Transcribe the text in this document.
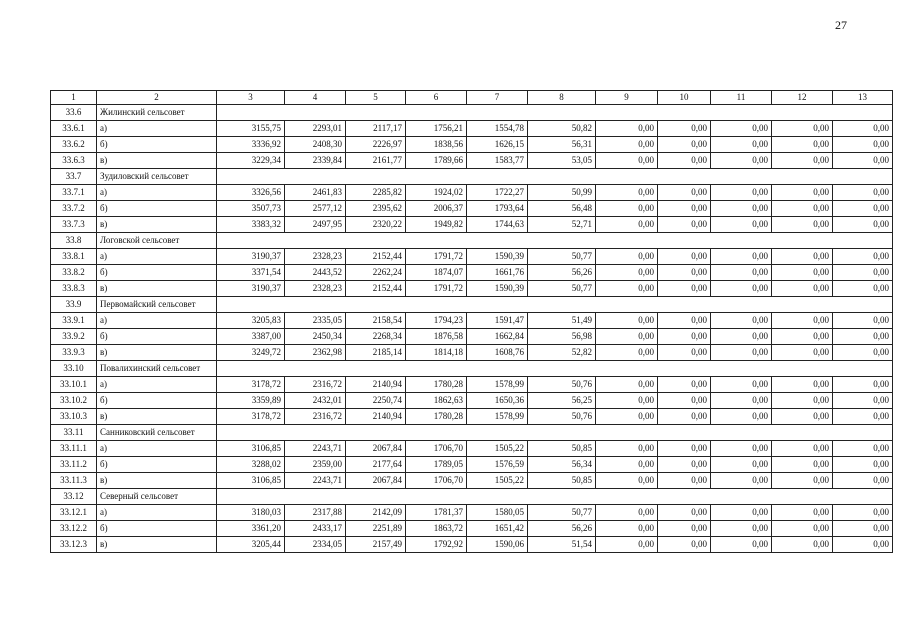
27
1	2	3	4	5	6	7	8	9	10	11	12	13
33.6	Жилинский сельсовет											
33.6.1	а)	3155,75	2293,01	2117,17	1756,21	1554,78	50,82	0,00	0,00	0,00	0,00	0,00
33.6.2	б)	3336,92	2408,30	2226,97	1838,56	1626,15	56,31	0,00	0,00	0,00	0,00	0,00
33.6.3	в)	3229,34	2339,84	2161,77	1789,66	1583,77	53,05	0,00	0,00	0,00	0,00	0,00
33.7	Зудиловский сельсовет											
33.7.1	а)	3326,56	2461,83	2285,82	1924,02	1722,27	50,99	0,00	0,00	0,00	0,00	0,00
33.7.2	б)	3507,73	2577,12	2395,62	2006,37	1793,64	56,48	0,00	0,00	0,00	0,00	0,00
33.7.3	в)	3383,32	2497,95	2320,22	1949,82	1744,63	52,71	0,00	0,00	0,00	0,00	0,00
33.8	Логовской сельсовет											
33.8.1	а)	3190,37	2328,23	2152,44	1791,72	1590,39	50,77	0,00	0,00	0,00	0,00	0,00
33.8.2	б)	3371,54	2443,52	2262,24	1874,07	1661,76	56,26	0,00	0,00	0,00	0,00	0,00
33.8.3	в)	3190,37	2328,23	2152,44	1791,72	1590,39	50,77	0,00	0,00	0,00	0,00	0,00
33.9	Первомайский сельсовет											
33.9.1	а)	3205,83	2335,05	2158,54	1794,23	1591,47	51,49	0,00	0,00	0,00	0,00	0,00
33.9.2	б)	3387,00	2450,34	2268,34	1876,58	1662,84	56,98	0,00	0,00	0,00	0,00	0,00
33.9.3	в)	3249,72	2362,98	2185,14	1814,18	1608,76	52,82	0,00	0,00	0,00	0,00	0,00
33.10	Повалихинский сельсовет											
33.10.1	а)	3178,72	2316,72	2140,94	1780,28	1578,99	50,76	0,00	0,00	0,00	0,00	0,00
33.10.2	б)	3359,89	2432,01	2250,74	1862,63	1650,36	56,25	0,00	0,00	0,00	0,00	0,00
33.10.3	в)	3178,72	2316,72	2140,94	1780,28	1578,99	50,76	0,00	0,00	0,00	0,00	0,00
33.11	Санниковский сельсовет											
33.11.1	а)	3106,85	2243,71	2067,84	1706,70	1505,22	50,85	0,00	0,00	0,00	0,00	0,00
33.11.2	б)	3288,02	2359,00	2177,64	1789,05	1576,59	56,34	0,00	0,00	0,00	0,00	0,00
33.11.3	в)	3106,85	2243,71	2067,84	1706,70	1505,22	50,85	0,00	0,00	0,00	0,00	0,00
33.12	Северный сельсовет											
33.12.1	а)	3180,03	2317,88	2142,09	1781,37	1580,05	50,77	0,00	0,00	0,00	0,00	0,00
33.12.2	б)	3361,20	2433,17	2251,89	1863,72	1651,42	56,26	0,00	0,00	0,00	0,00	0,00
33.12.3	в)	3205,44	2334,05	2157,49	1792,92	1590,06	51,54	0,00	0,00	0,00	0,00	0,00
